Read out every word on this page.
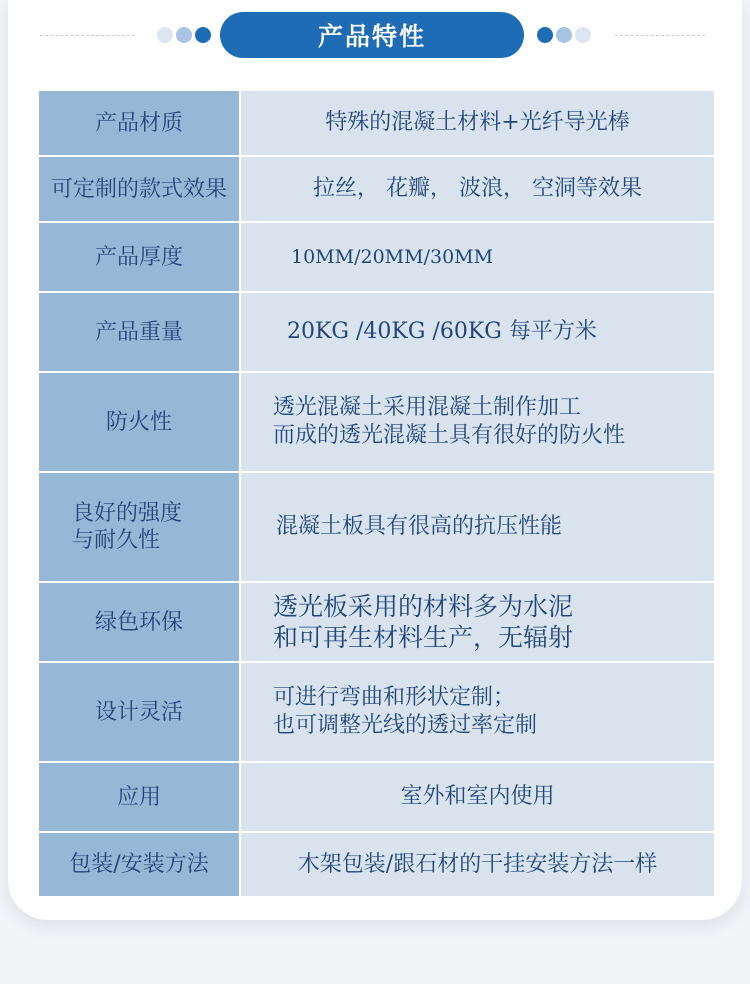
产品特性
产品材质	特殊的混凝土材料+光纤导光棒
可定制的款式效果	拉丝， 花瓣， 波浪， 空洞等效果
产品厚度	10MM/20MM/30MM
产品重量	20KG /40KG /60KG 每平方米
防火性	透光混凝土采用混凝土制作加工
而成的透光混凝土具有很好的防火性

良好的强度
与耐久性	混凝土板具有很高的抗压性能
绿色环保	透光板采用的材料多为水泥
和可再生材料生产，无辐射

设计灵活	可进行弯曲和形状定制；
也可调整光线的透过率定制

应用	室外和室内使用
包装/安装方法	木架包装/跟石材的干挂安装方法一样
